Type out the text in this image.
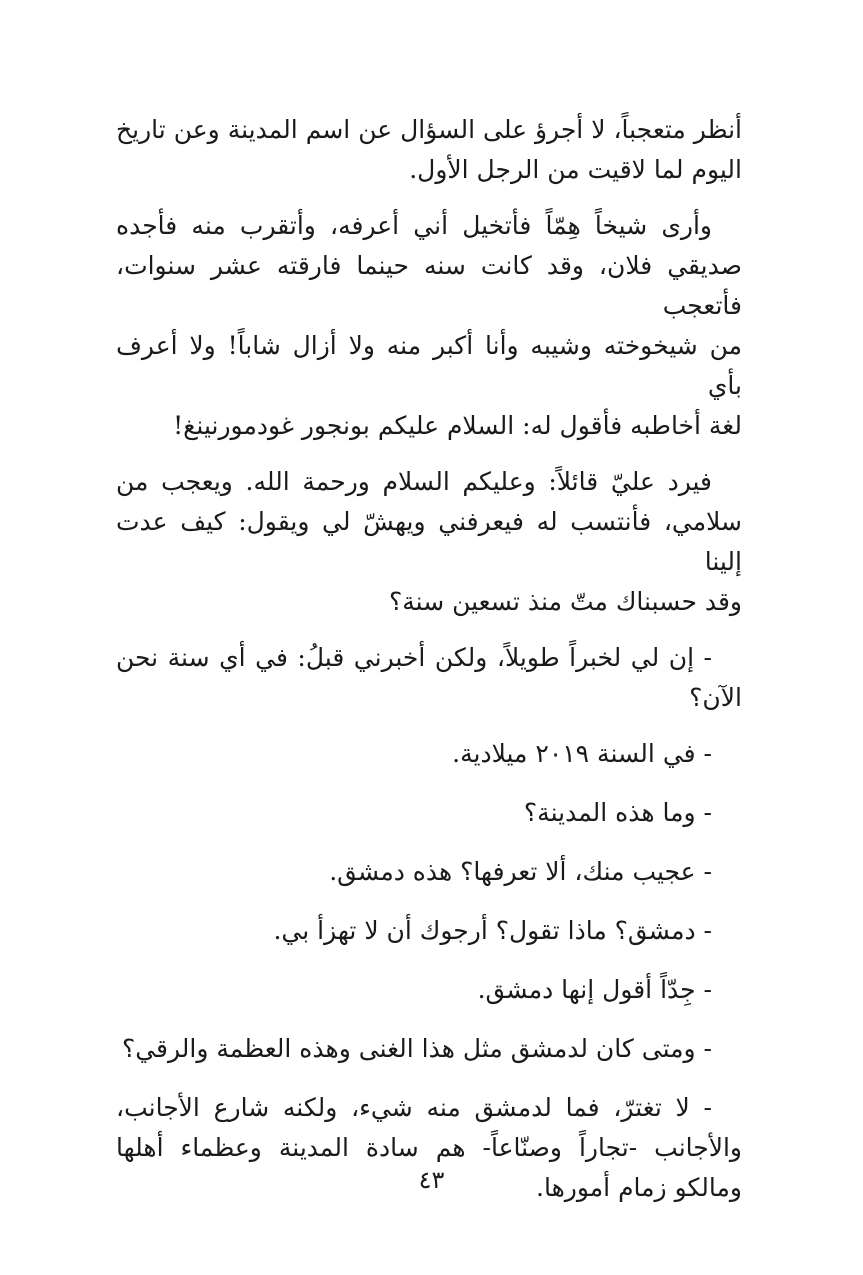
أنظر متعجباً، لا أجرؤ على السؤال عن اسم المدينة وعن تاريخ
اليوم لما لاقيت من الرجل الأول.

وأرى شيخاً هِمّاً فأتخيل أني أعرفه، وأتقرب منه فأجده
صديقي فلان، وقد كانت سنه حينما فارقته عشر سنوات، فأتعجب
من شيخوخته وشيبه وأنا أكبر منه ولا أزال شاباً! ولا أعرف بأي
لغة أخاطبه فأقول له: السلام عليكم بونجور غودمورنينغ!

فيرد عليّ قائلاً: وعليكم السلام ورحمة الله. ويعجب من
سلامي، فأنتسب له فيعرفني ويهشّ لي ويقول: كيف عدت إلينا
وقد حسبناك متّ منذ تسعين سنة؟

- إن لي لخبراً طويلاً، ولكن أخبرني قبلُ: في أي سنة نحن
الآن؟

- في السنة ٢٠١٩ ميلادية.

- وما هذه المدينة؟

- عجيب منك، ألا تعرفها؟ هذه دمشق.

- دمشق؟ ماذا تقول؟ أرجوك أن لا تهزأ بي.

- جِدّاً أقول إنها دمشق.

- ومتى كان لدمشق مثل هذا الغنى وهذه العظمة والرقي؟

- لا تغترّ، فما لدمشق منه شيء، ولكنه شارع الأجانب،
والأجانب -تجاراً وصنّاعاً- هم سادة المدينة وعظماء أهلها
ومالكو زمام أمورها.

٤٣
